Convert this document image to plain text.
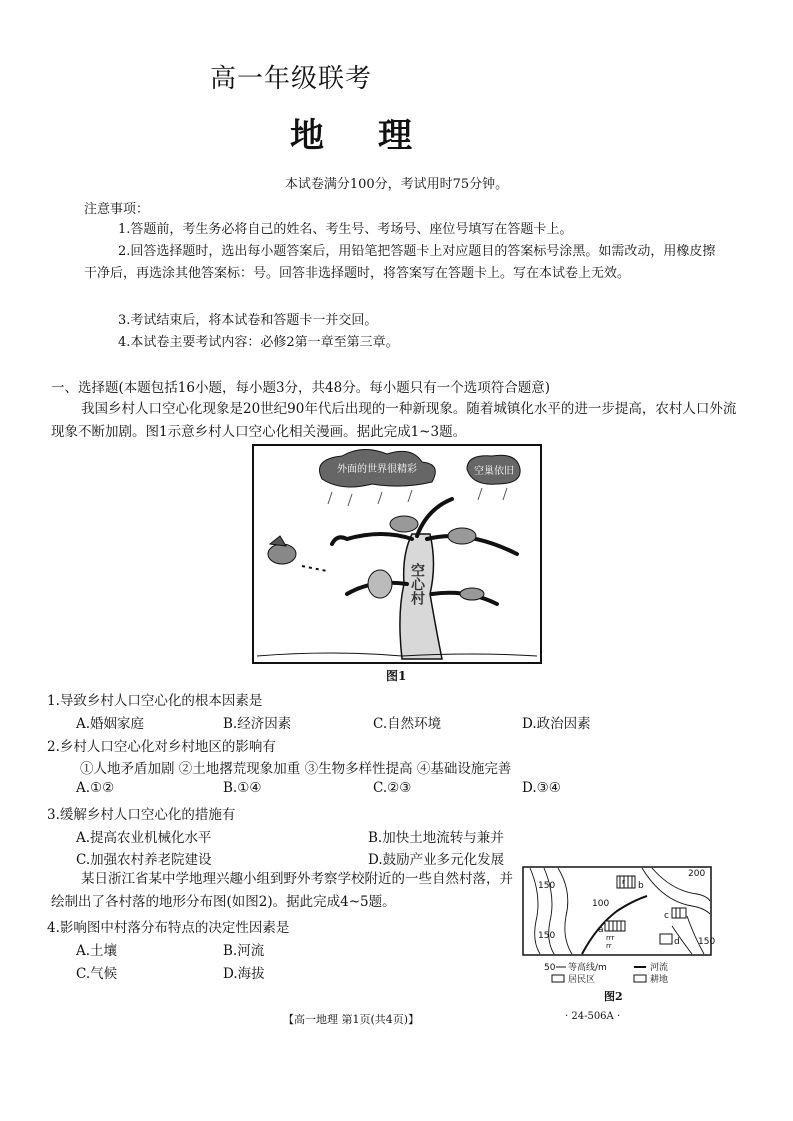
高一年级联考
地理
本试卷满分100分，考试用时75分钟。
注意事项：
1.答题前，考生务必将自己的姓名、考生号、考场号、座位号填写在答题卡上。
2.回答选择题时，选出每小题答案后，用铅笔把答题卡上对应题目的答案标号涂黑。如需改动，用橡皮擦干净后，再选涂其他答案标：号。回答非选择题时，将答案写在答题卡上。写在本试卷上无效。
3.考试结束后，将本试卷和答题卡一并交回。
4.本试卷主要考试内容：必修2第一章至第三章。
一、选择题(本题包括16小题，每小题3分，共48分。每小题只有一个选项符合题意)
我国乡村人口空心化现象是20世纪90年代后出现的一种新现象。随着城镇化水平的进一步提高，农村人口外流现象不断加剧。图1示意乡村人口空心化相关漫画。据此完成1~3题。
外面的世界很精彩	空巢依旧
空心村
图1
1.导致乡村人口空心化的根本因素是
A.婚姻家庭	B.经济因素	C.自然环境	D.政治因素
2.乡村人口空心化对乡村地区的影响有
①人地矛盾加剧 ②土地撂荒现象加重 ③生物多样性提高 ④基础设施完善
A.①②	B.①④	C.②③	D.③④
3.缓解乡村人口空心化的措施有
A.提高农业机械化水平	B.加快土地流转与兼并
C.加强农村养老院建设	D.鼓励产业多元化发展
某日浙江省某中学地理兴趣小组到野外考察学校附近的一些自然村落，并绘制出了各村落的地形分布图(如图2)。据此完成4~5题。
4.影响图中村落分布特点的决定性因素是
A.土壤	B.河流
C.气候	D.海拔
rrr
rr
r
150
100
200
150
150
a
b
c
d
50 等高线/m	河流
居民区	耕地
图2
【高一地理 第1页(共4页)】	· 24-506A ·
